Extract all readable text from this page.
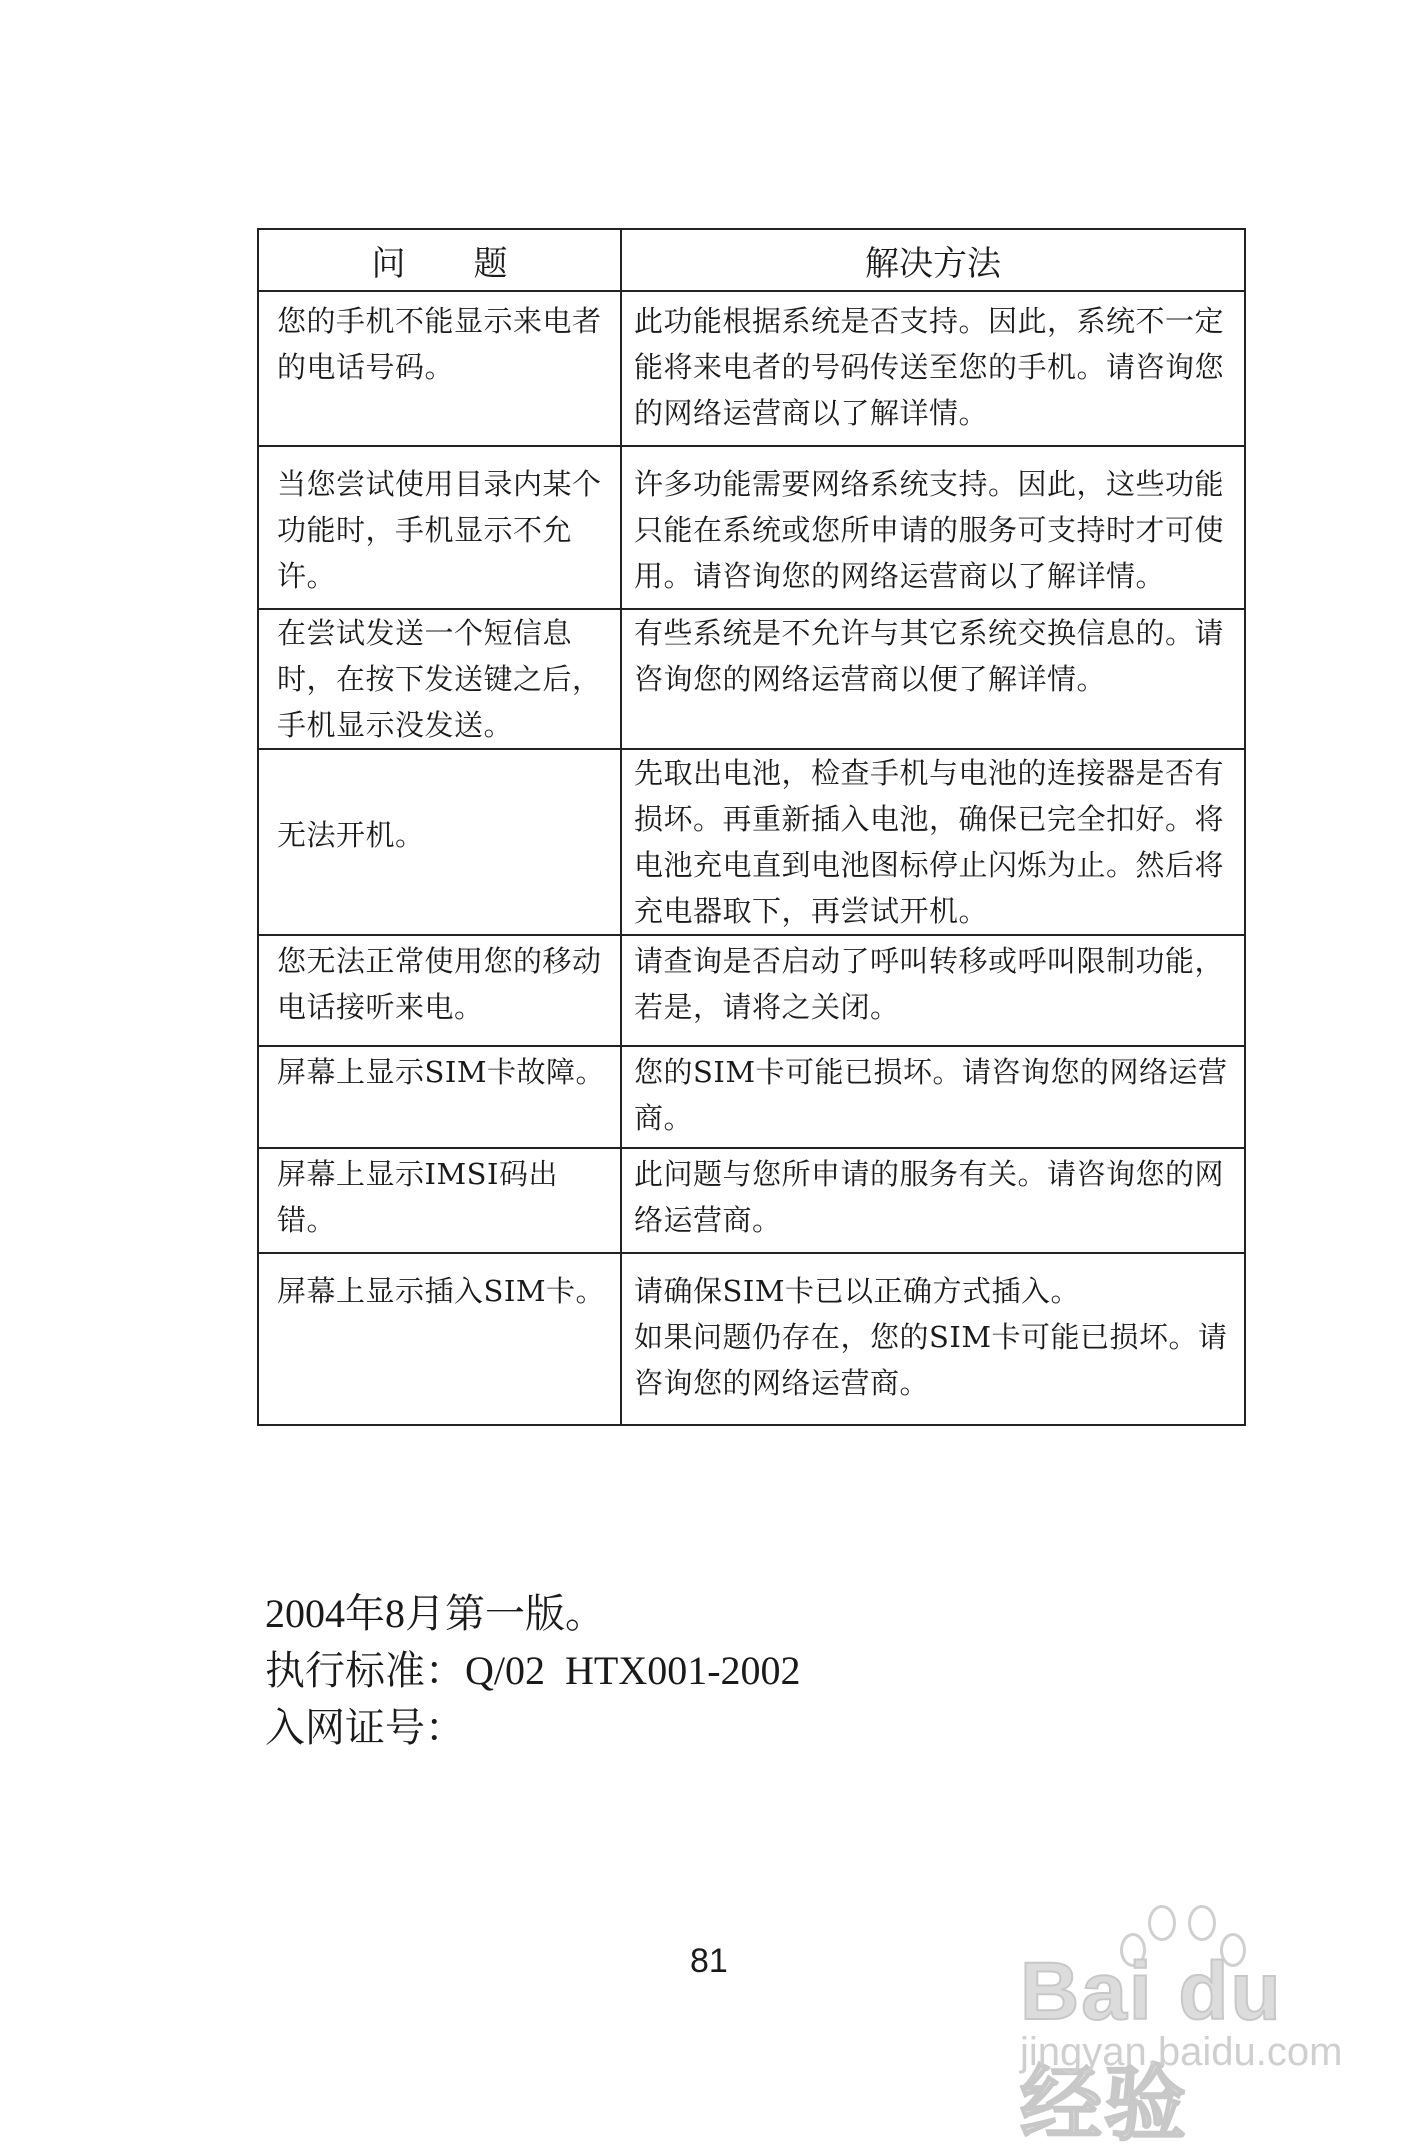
问　　题	解决方法
您的手机不能显示来电者的电话号码。	此功能根据系统是否支持。因此，系统不一定能将来电者的号码传送至您的手机。请咨询您的网络运营商以了解详情。
当您尝试使用目录内某个功能时，手机显示不允许。	许多功能需要网络系统支持。因此，这些功能只能在系统或您所申请的服务可支持时才可使用。请咨询您的网络运营商以了解详情。
在尝试发送一个短信息时，在按下发送键之后，手机显示没发送。	有些系统是不允许与其它系统交换信息的。请咨询您的网络运营商以便了解详情。
无法开机。	先取出电池，检查手机与电池的连接器是否有损坏。再重新插入电池，确保已完全扣好。将电池充电直到电池图标停止闪烁为止。然后将充电器取下，再尝试开机。
您无法正常使用您的移动电话接听来电。	请查询是否启动了呼叫转移或呼叫限制功能，若是，请将之关闭。
屏幕上显示SIM卡故障。	您的SIM卡可能已损坏。请咨询您的网络运营商。
屏幕上显示IMSI码出错。	此问题与您所申请的服务有关。请咨询您的网络运营商。
屏幕上显示插入SIM卡。	请确保SIM卡已以正确方式插入。
如果问题仍存在，您的SIM卡可能已损坏。请咨询您的网络运营商。
2004年8月第一版。
执行标准：Q/02  HTX001-2002
入网证号：
81	Bai du 经验
jingyan.baidu.com
